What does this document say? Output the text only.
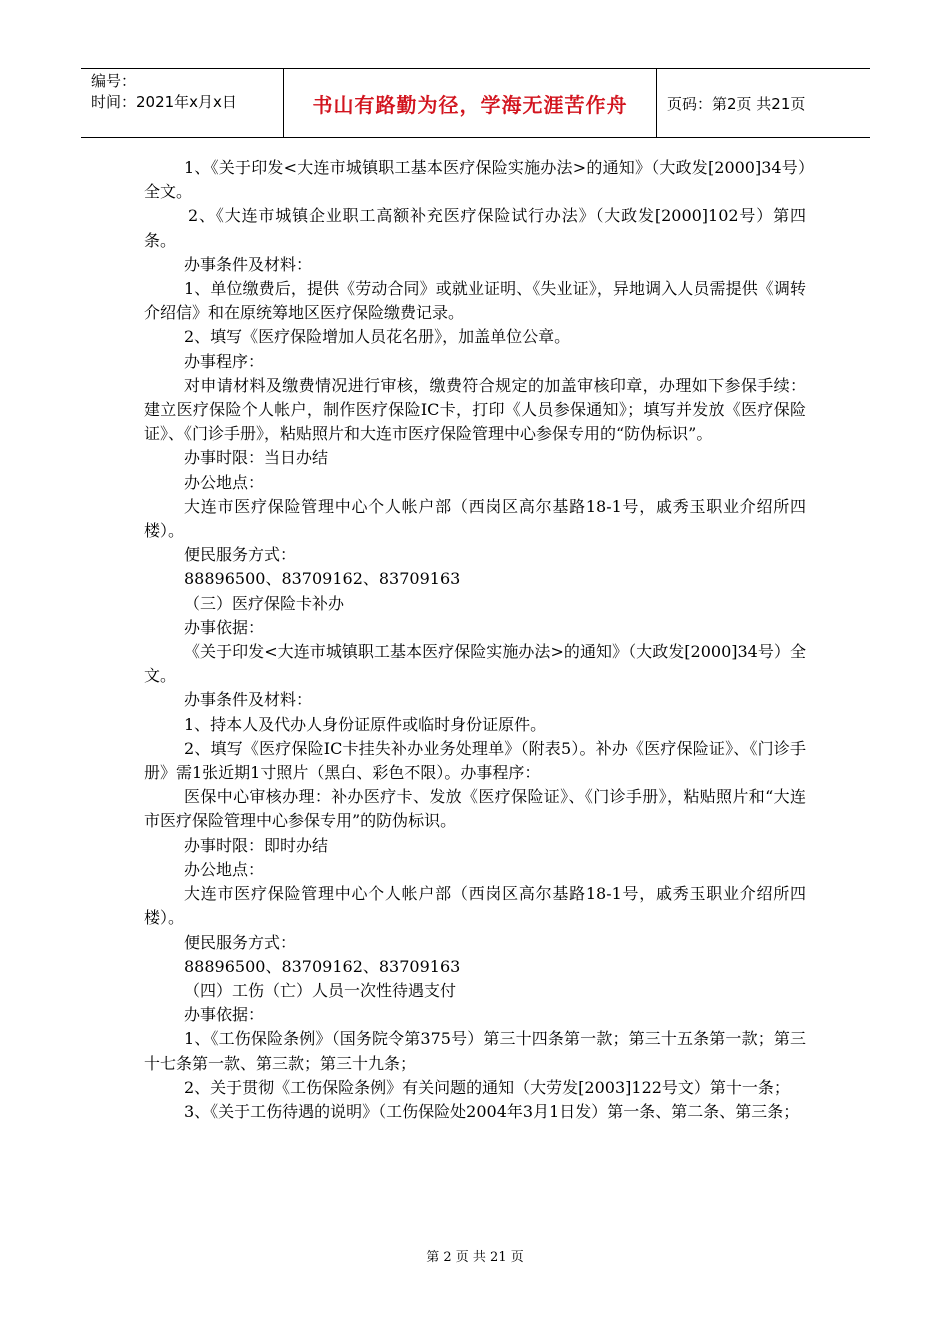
编号：
时间：2021年x月x日	书山有路勤为径，学海无涯苦作舟	页码：第2页 共21页

1、《关于印发<大连市城镇职工基本医疗保险实施办法>的通知》（大政发[2000]34号）全文。

2、《大连市城镇企业职工高额补充医疗保险试行办法》（大政发[2000]102号）第四条。

办事条件及材料：

1、单位缴费后，提供《劳动合同》或就业证明、《失业证》，异地调入人员需提供《调转介绍信》和在原统筹地区医疗保险缴费记录。

2、填写《医疗保险增加人员花名册》，加盖单位公章。

办事程序：

对申请材料及缴费情况进行审核，缴费符合规定的加盖审核印章，办理如下参保手续：建立医疗保险个人帐户，制作医疗保险IC卡，打印《人员参保通知》；填写并发放《医疗保险证》、《门诊手册》，粘贴照片和大连市医疗保险管理中心参保专用的“防伪标识”。

办事时限：当日办结

办公地点：

大连市医疗保险管理中心个人帐户部（西岗区高尔基路18-1号，戚秀玉职业介绍所四楼）。

便民服务方式：

88896500、83709162、83709163

（三）医疗保险卡补办

办事依据：

《关于印发<大连市城镇职工基本医疗保险实施办法>的通知》（大政发[2000]34号）全文。

办事条件及材料：

1、持本人及代办人身份证原件或临时身份证原件。

2、填写《医疗保险IC卡挂失补办业务处理单》（附表5）。补办《医疗保险证》、《门诊手册》需1张近期1寸照片（黑白、彩色不限）。办事程序：

医保中心审核办理：补办医疗卡、发放《医疗保险证》、《门诊手册》，粘贴照片和“大连市医疗保险管理中心参保专用”的防伪标识。

办事时限：即时办结

办公地点：

大连市医疗保险管理中心个人帐户部（西岗区高尔基路18-1号，戚秀玉职业介绍所四楼）。

便民服务方式：

88896500、83709162、83709163

（四）工伤（亡）人员一次性待遇支付

办事依据：

1、《工伤保险条例》（国务院令第375号）第三十四条第一款；第三十五条第一款；第三十七条第一款、第三款；第三十九条；

2、关于贯彻《工伤保险条例》有关问题的通知（大劳发[2003]122号文）第十一条；

3、《关于工伤待遇的说明》（工伤保险处2004年3月1日发）第一条、第二条、第三条；

第 2 页 共 21 页
